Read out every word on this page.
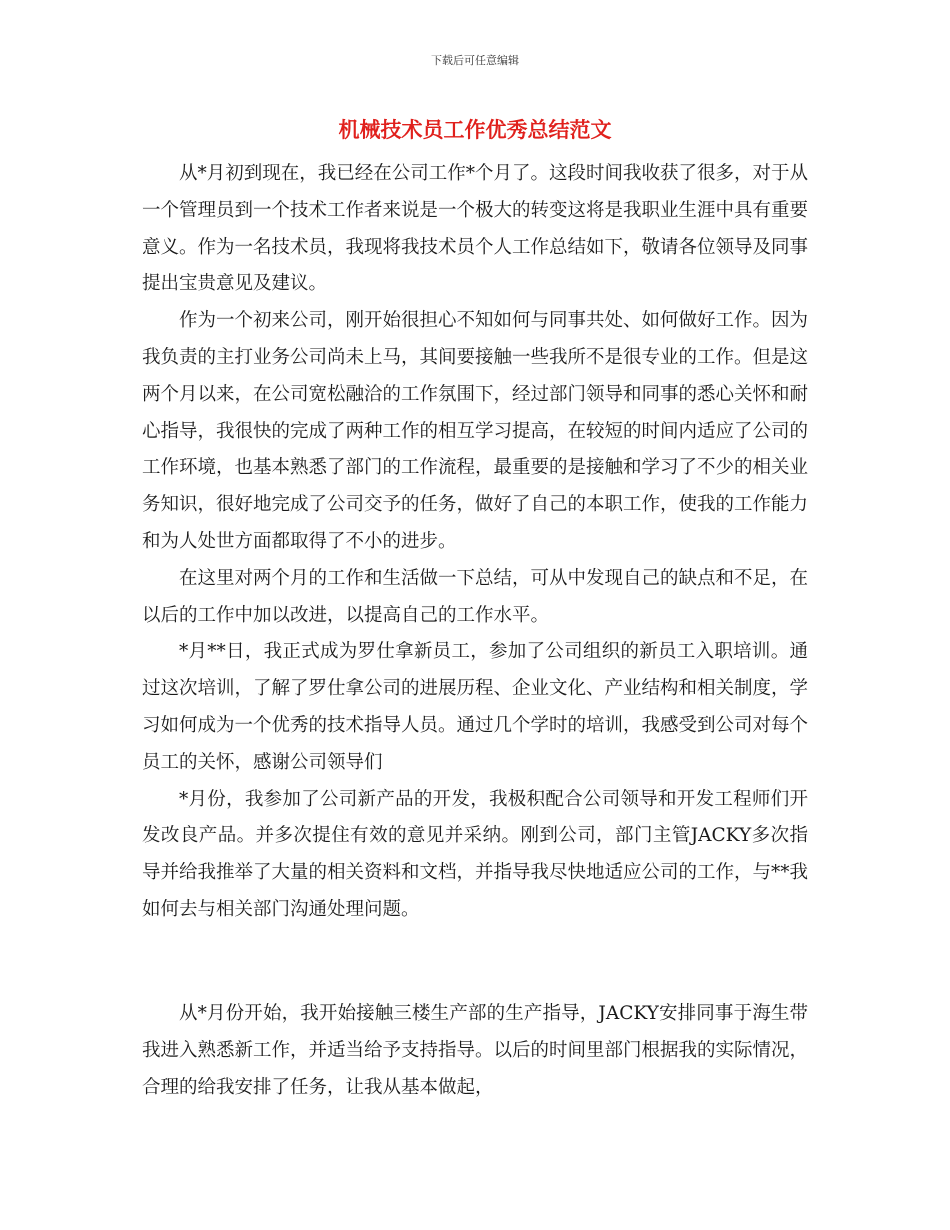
下载后可任意编辑
机械技术员工作优秀总结范文

从*月初到现在，我已经在公司工作*个月了。这段时间我收获了很多，对于从一个管理员到一个技术工作者来说是一个极大的转变这将是我职业生涯中具有重要意义。作为一名技术员，我现将我技术员个人工作总结如下，敬请各位领导及同事提出宝贵意见及建议。

作为一个初来公司，刚开始很担心不知如何与同事共处、如何做好工作。因为我负责的主打业务公司尚未上马，其间要接触一些我所不是很专业的工作。但是这两个月以来，在公司宽松融洽的工作氛围下，经过部门领导和同事的悉心关怀和耐心指导，我很快的完成了两种工作的相互学习提高，在较短的时间内适应了公司的工作环境，也基本熟悉了部门的工作流程，最重要的是接触和学习了不少的相关业务知识，很好地完成了公司交予的任务，做好了自己的本职工作，使我的工作能力和为人处世方面都取得了不小的进步。

在这里对两个月的工作和生活做一下总结，可从中发现自己的缺点和不足，在以后的工作中加以改进，以提高自己的工作水平。

*月**日，我正式成为罗仕拿新员工，参加了公司组织的新员工入职培训。通过这次培训，了解了罗仕拿公司的进展历程、企业文化、产业结构和相关制度，学习如何成为一个优秀的技术指导人员。通过几个学时的培训，我感受到公司对每个员工的关怀，感谢公司领导们

*月份，我参加了公司新产品的开发，我极积配合公司领导和开发工程师们开发改良产品。并多次提住有效的意见并采纳。刚到公司，部门主管JACKY多次指导并给我推举了大量的相关资料和文档，并指导我尽快地适应公司的工作，与**我如何去与相关部门沟通处理问题。

从*月份开始，我开始接触三楼生产部的生产指导，JACKY安排同事于海生带我进入熟悉新工作，并适当给予支持指导。以后的时间里部门根据我的实际情况，合理的给我安排了任务，让我从基本做起，
